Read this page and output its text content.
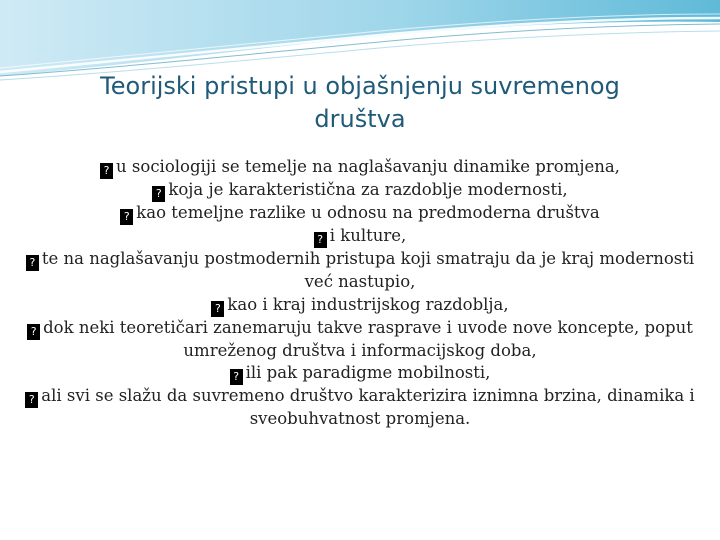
Teorijski pristupi u objašnjenju suvremenog društva
? u sociologiji se temelje na naglašavanju dinamike promjena,
? koja je karakteristična za razdoblje modernosti,
? kao temeljne razlike u odnosu na predmoderna društva
? i kulture,
? te na naglašavanju postmodernih pristupa koji smatraju da je kraj modernosti već nastupio,
? kao i kraj industrijskog razdoblja,
? dok neki teoretičari zanemaruju takve rasprave i uvode nove koncepte, poput umreženog društva i informacijskog doba,
? ili pak paradigme mobilnosti,
? ali svi se slažu da suvremeno društvo karakterizira iznimna brzina, dinamika i sveobuhvatnost promjena.
